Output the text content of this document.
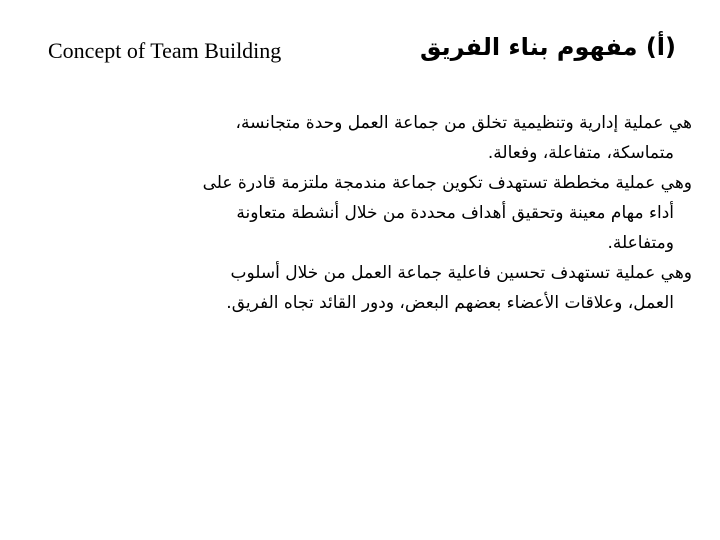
Concept of Team Building	(أ) مفهوم بناء الفريق
هي عملية إدارية وتنظيمية تخلق من جماعة العمل وحدة متجانسة،
متماسكة، متفاعلة، وفعالة.
وهي عملية مخططة تستهدف تكوين جماعة مندمجة ملتزمة قادرة على
أداء مهام معينة وتحقيق أهداف محددة من خلال أنشطة متعاونة
ومتفاعلة.
وهي عملية تستهدف تحسين فاعلية جماعة العمل من خلال أسلوب
العمل، وعلاقات الأعضاء بعضهم البعض، ودور القائد تجاه الفريق.
